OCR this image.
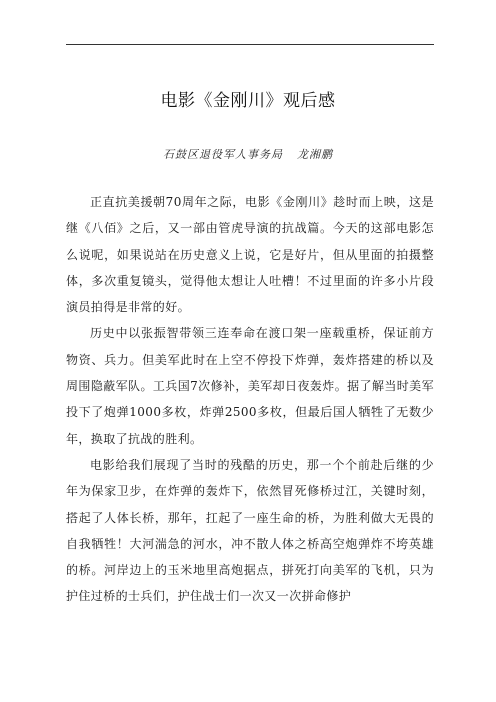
电影《金刚川》观后感
石鼓区退役军人事务局 龙湘鹏

正直抗美援朝70周年之际，电影《金刚川》趁时而上映，这是继《八佰》之后，又一部由管虎导演的抗战篇。今天的这部电影怎么说呢，如果说站在历史意义上说，它是好片，但从里面的拍摄整体，多次重复镜头，觉得他太想让人吐槽！不过里面的许多小片段演员拍得是非常的好。

历史中以张振智带领三连奉命在渡口架一座载重桥，保证前方物资、兵力。但美军此时在上空不停投下炸弹，轰炸搭建的桥以及周围隐蔽军队。工兵国7次修补，美军却日夜轰炸。据了解当时美军投下了炮弹1000多枚，炸弹2500多枚，但最后国人牺牲了无数少年，换取了抗战的胜利。

电影给我们展现了当时的残酷的历史，那一个个前赴后继的少年为保家卫步，在炸弹的轰炸下，依然冒死修桥过江，关键时刻，搭起了人体长桥，那年，扛起了一座生命的桥，为胜利做大无畏的自我牺牲！大河湍急的河水，冲不散人体之桥高空炮弹炸不垮英雄的桥。河岸边上的玉米地里高炮据点，拼死打向美军的飞机，只为护住过桥的士兵们，护住战士们一次又一次拼命修护
